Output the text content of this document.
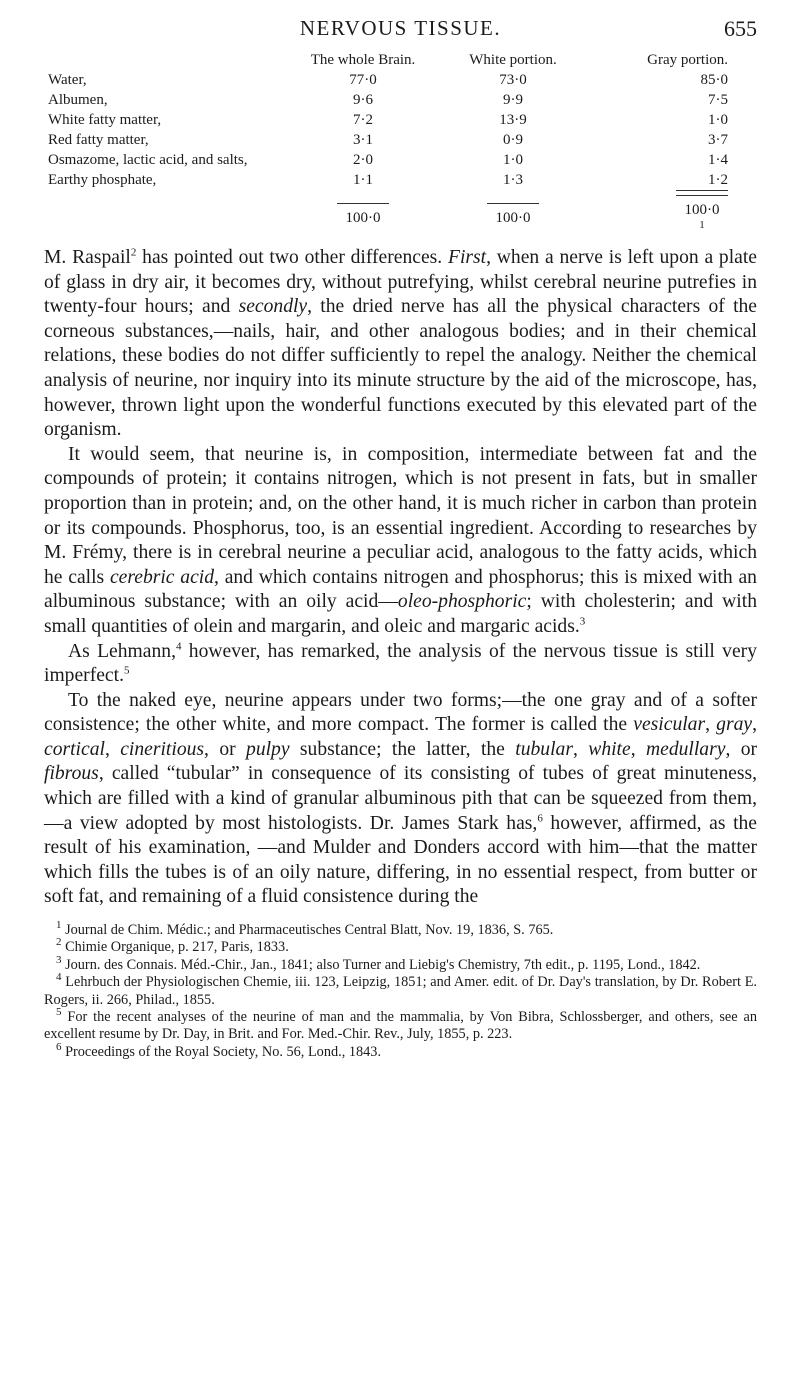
NERVOUS TISSUE.	655
	The whole Brain.	White portion.	Gray portion.
Water,	77·0	73·0	85·0
Albumen,	9·6	9·9	7·5
White fatty matter,	7·2	13·9	1·0
Red fatty matter,	3·1	0·9	3·7
Osmazome, lactic acid, and salts,	2·0	1·0	1·4
Earthy phosphate,	1·1	1·3	1·2
	100·0	100·0	$100\cdot 0^1$

M. Raspail$^2$ has pointed out two other differences. First, when a nerve is left upon a plate of glass in dry air, it becomes dry, without putrefying, whilst cerebral neurine putrefies in twenty-four hours; and secondly, the dried nerve has all the physical characters of the corneous substances,—nails, hair, and other analogous bodies; and in their chemical relations, these bodies do not differ sufficiently to repel the analogy. Neither the chemical analysis of neurine, nor inquiry into its minute structure by the aid of the microscope, has, however, thrown light upon the wonderful functions executed by this elevated part of the organism.

It would seem, that neurine is, in composition, intermediate between fat and the compounds of protein; it contains nitrogen, which is not present in fats, but in smaller proportion than in protein; and, on the other hand, it is much richer in carbon than protein or its compounds. Phosphorus, too, is an essential ingredient. According to researches by M. Frémy, there is in cerebral neurine a peculiar acid, analogous to the fatty acids, which he calls cerebric acid, and which contains nitrogen and phosphorus; this is mixed with an albuminous substance; with an oily acid—oleo-phosphoric; with cholesterin; and with small quantities of olein and margarin, and oleic and margaric acids.$^3$

As Lehmann,$^4$ however, has remarked, the analysis of the nervous tissue is still very imperfect.$^5$

To the naked eye, neurine appears under two forms;—the one gray and of a softer consistence; the other white, and more compact. The former is called the vesicular, gray, cortical, cineritious, or pulpy substance; the latter, the tubular, white, medullary, or fibrous, called “tubular” in consequence of its consisting of tubes of great minuteness, which are filled with a kind of granular albuminous pith that can be squeezed from them,—a view adopted by most histologists. Dr. James Stark has,$^6$ however, affirmed, as the result of his examination, —and Mulder and Donders accord with him—that the matter which fills the tubes is of an oily nature, differing, in no essential respect, from butter or soft fat, and remaining of a fluid consistence during the

$^1$ Journal de Chim. Médic.; and Pharmaceutisches Central Blatt, Nov. 19, 1836, S. 765.

$^2$ Chimie Organique, p. 217, Paris, 1833.

$^3$ Journ. des Connais. Méd.-Chir., Jan., 1841; also Turner and Liebig's Chemistry, 7th edit., p. 1195, Lond., 1842.

$^4$ Lehrbuch der Physiologischen Chemie, iii. 123, Leipzig, 1851; and Amer. edit. of Dr. Day's translation, by Dr. Robert E. Rogers, ii. 266, Philad., 1855.

$^5$ For the recent analyses of the neurine of man and the mammalia, by Von Bibra, Schlossberger, and others, see an excellent resume by Dr. Day, in Brit. and For. Med.-Chir. Rev., July, 1855, p. 223.

$^6$ Proceedings of the Royal Society, No. 56, Lond., 1843.
